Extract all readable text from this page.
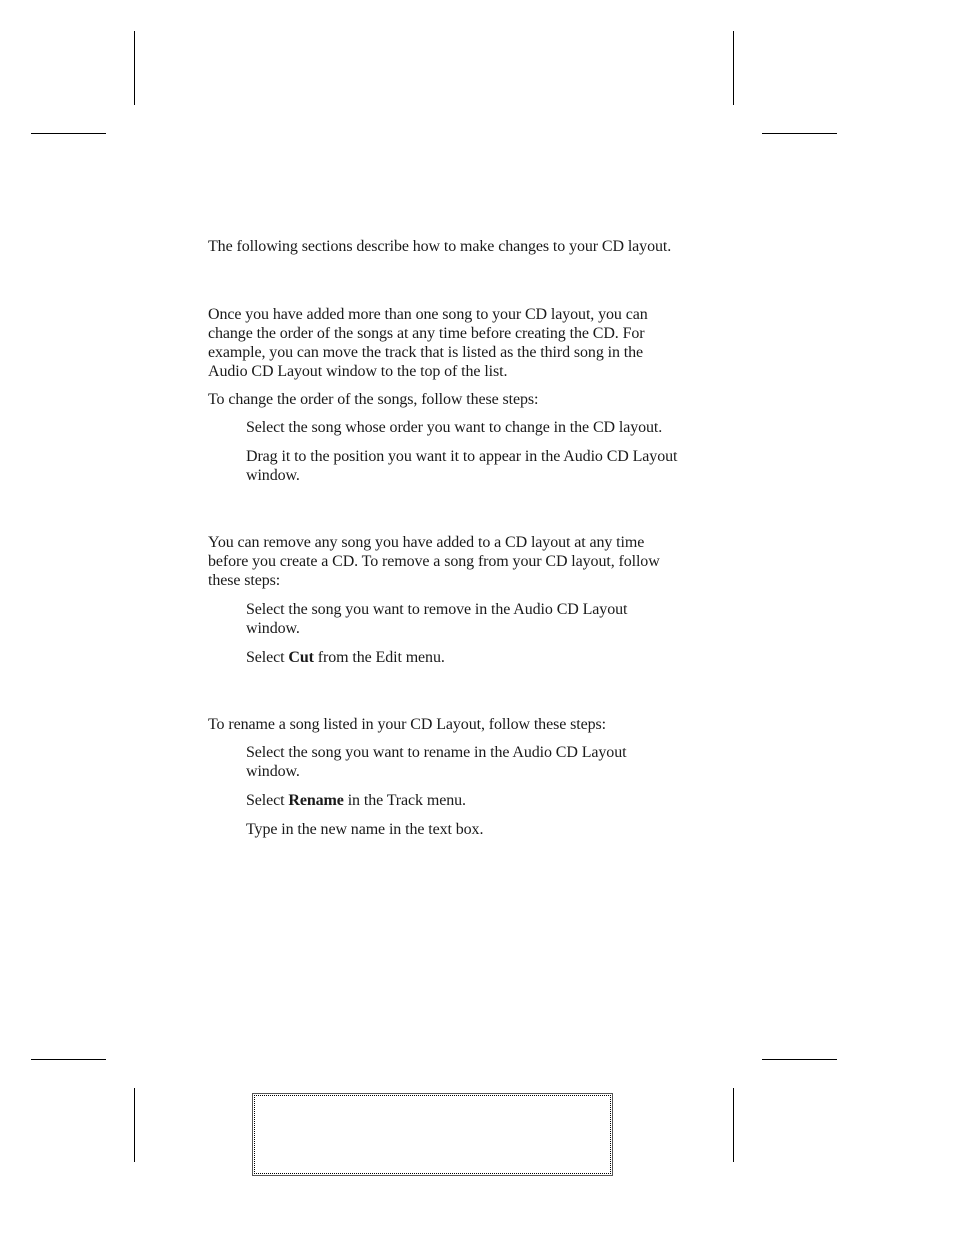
The following sections describe how to make changes to your CD layout.

Once you have added more than one song to your CD layout, you can change the order of the songs at any time before creating the CD. For example, you can move the track that is listed as the third song in the Audio CD Layout window to the top of the list.

To change the order of the songs, follow these steps:

Select the song whose order you want to change in the CD layout.

Drag it to the position you want it to appear in the Audio CD Layout window.

You can remove any song you have added to a CD layout at any time before you create a CD. To remove a song from your CD layout, follow these steps:

Select the song you want to remove in the Audio CD Layout window.

Select Cut from the Edit menu.

To rename a song listed in your CD Layout, follow these steps:

Select the song you want to rename in the Audio CD Layout window.

Select Rename in the Track menu.

Type in the new name in the text box.
